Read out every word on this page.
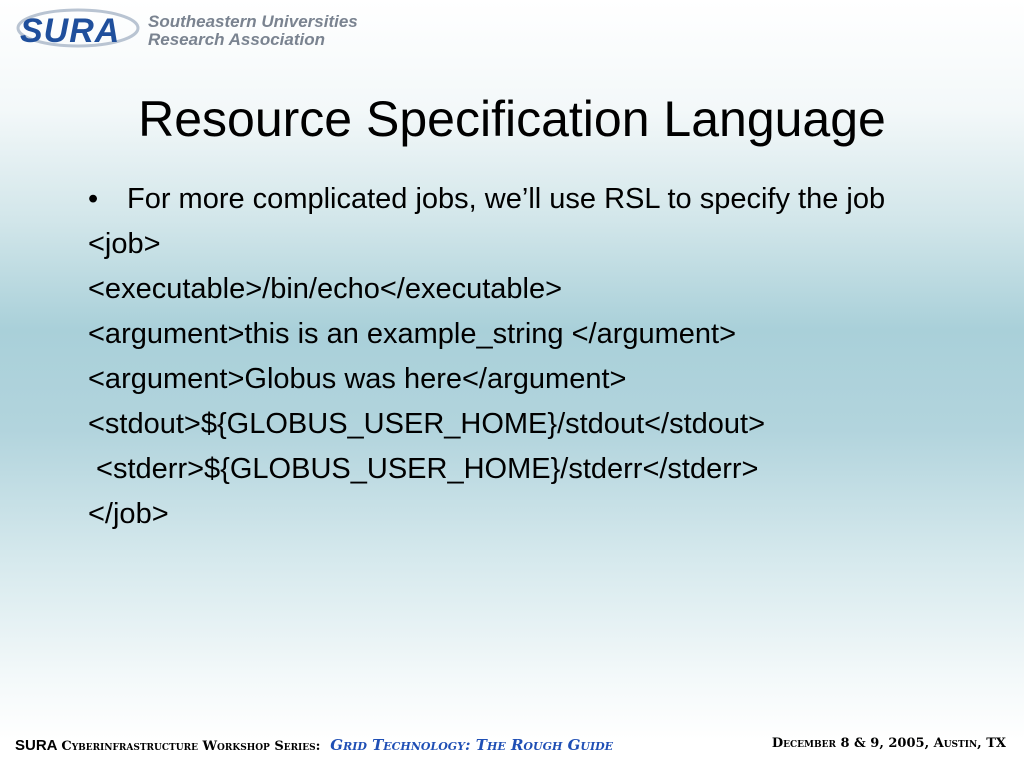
SURA Southeastern Universities
Research Association
Resource Specification Language
• For more complicated jobs, we’ll use RSL to specify the job
<job>
<executable>/bin/echo</executable>
<argument>this is an example_string </argument>
<argument>Globus was here</argument>
<stdout>${GLOBUS_USER_HOME}/stdout</stdout>
<stderr>${GLOBUS_USER_HOME}/stderr</stderr>
</job>
SURA Cyberinfrastructure Workshop Series: Grid Technology: The Rough Guide	December 8 & 9, 2005, Austin, TX
